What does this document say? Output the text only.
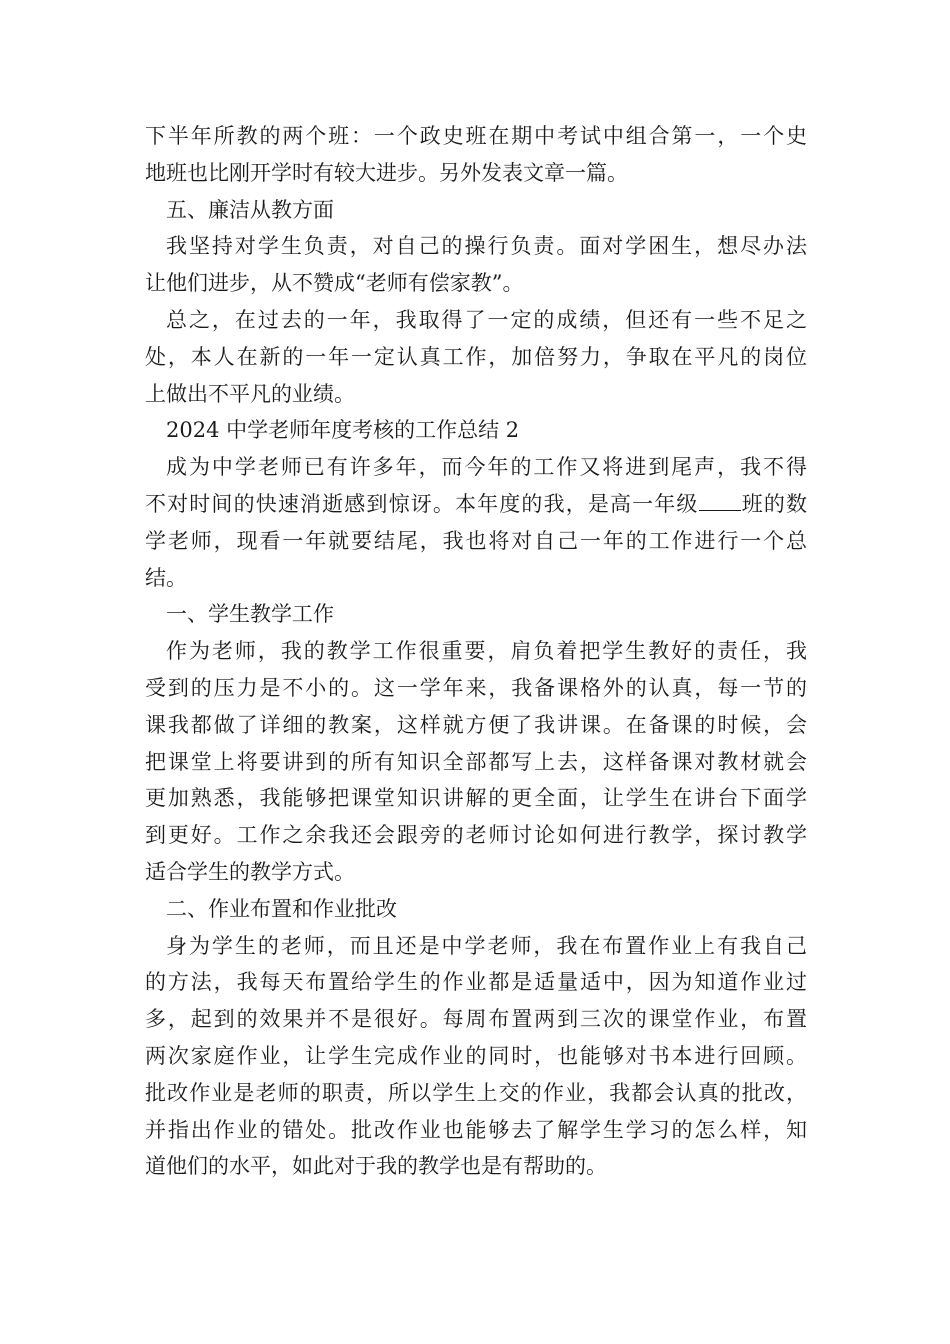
下半年所教的两个班：一个政史班在期中考试中组合第一，一个史
地班也比刚开学时有较大进步。另外发表文章一篇。
五、廉洁从教方面
我坚持对学生负责，对自己的操行负责。面对学困生，想尽办法
让他们进步，从不赞成“老师有偿家教”。
总之，在过去的一年，我取得了一定的成绩，但还有一些不足之
处，本人在新的一年一定认真工作，加倍努力，争取在平凡的岗位
上做出不平凡的业绩。
2024 中学老师年度考核的工作总结 2
成为中学老师已有许多年，而今年的工作又将进到尾声，我不得
不对时间的快速消逝感到惊讶。本年度的我，是高一年级 班的数
学老师，现看一年就要结尾，我也将对自己一年的工作进行一个总
结。
一、学生教学工作
作为老师，我的教学工作很重要，肩负着把学生教好的责任，我
受到的压力是不小的。这一学年来，我备课格外的认真，每一节的
课我都做了详细的教案，这样就方便了我讲课。在备课的时候，会
把课堂上将要讲到的所有知识全部都写上去，这样备课对教材就会
更加熟悉，我能够把课堂知识讲解的更全面，让学生在讲台下面学
到更好。工作之余我还会跟旁的老师讨论如何进行教学，探讨教学
适合学生的教学方式。
二、作业布置和作业批改
身为学生的老师，而且还是中学老师，我在布置作业上有我自己
的方法，我每天布置给学生的作业都是适量适中，因为知道作业过
多，起到的效果并不是很好。每周布置两到三次的课堂作业，布置
两次家庭作业，让学生完成作业的同时，也能够对书本进行回顾。
批改作业是老师的职责，所以学生上交的作业，我都会认真的批改，
并指出作业的错处。批改作业也能够去了解学生学习的怎么样，知
道他们的水平，如此对于我的教学也是有帮助的。
